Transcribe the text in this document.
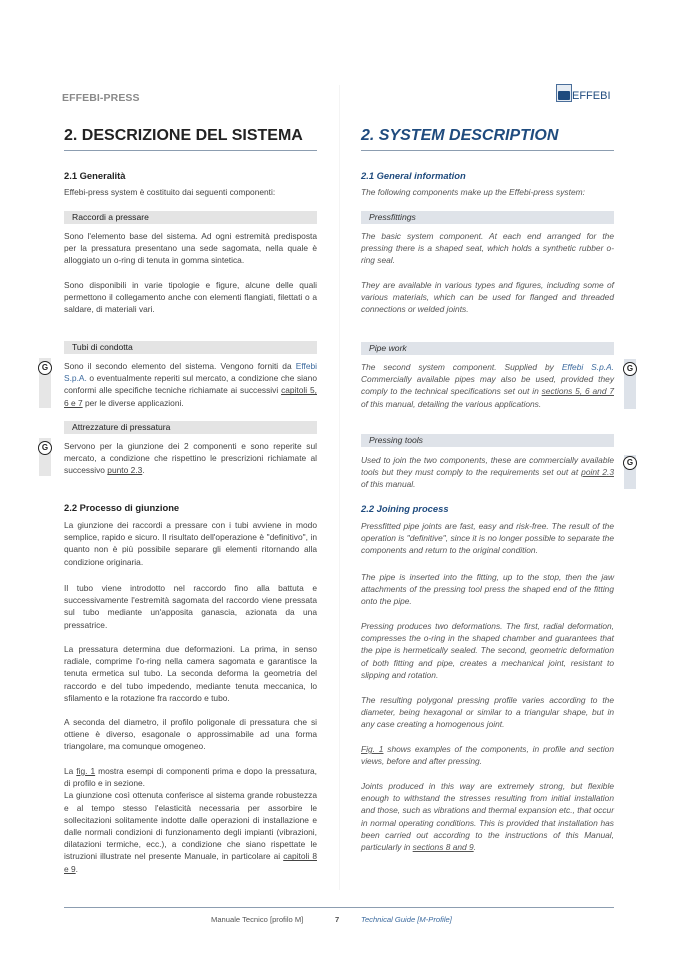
EFFEBI-PRESS	EFFEBI
2. DESCRIZIONE DEL SISTEMA
2.1 Generalità
Effebi-press system è costituito dai seguenti componenti:
Raccordi a pressare
Sono l'elemento base del sistema. Ad ogni estremità predisposta per la pressatura presentano una sede sagomata, nella quale è alloggiato un o-ring di tenuta in gomma sintetica.
Sono disponibili in varie tipologie e figure, alcune delle quali permettono il collegamento anche con elementi flangiati, filettati o a saldare, di materiali vari.
Tubi di condotta
Sono il secondo elemento del sistema. Vengono forniti da Effebi S.p.A. o eventualmente reperiti sul mercato, a condizione che siano conformi alle specifiche tecniche richiamate ai successivi capitoli 5, 6 e 7 per le diverse applicazioni.
Attrezzature di pressatura
Servono per la giunzione dei 2 componenti e sono reperite sul mercato, a condizione che rispettino le prescrizioni richiamate al successivo punto 2.3.
2.2 Processo di giunzione
La giunzione dei raccordi a pressare con i tubi avviene in modo semplice, rapido e sicuro. Il risultato dell'operazione è "definitivo", in quanto non è più possibile separare gli elementi ritornando alla condizione originaria.
Il tubo viene introdotto nel raccordo fino alla battuta e successivamente l'estremità sagomata del raccordo viene pressata sul tubo mediante un'apposita ganascia, azionata da una pressatrice.
La pressatura determina due deformazioni. La prima, in senso radiale, comprime l'o-ring nella camera sagomata e garantisce la tenuta ermetica sul tubo. La seconda deforma la geometria del raccordo e del tubo impedendo, mediante tenuta meccanica, lo sfilamento e la rotazione fra raccordo e tubo.
A seconda del diametro, il profilo poligonale di pressatura che si ottiene è diverso, esagonale o approssimabile ad una forma triangolare, ma comunque omogeneo.
La fig. 1 mostra esempi di componenti prima e dopo la pressatura, di profilo e in sezione.
La giunzione così ottenuta conferisce al sistema grande robustezza e al tempo stesso l'elasticità necessaria per assorbire le sollecitazioni solitamente indotte dalle operazioni di installazione e dalle normali condizioni di funzionamento degli impianti (vibrazioni, dilatazioni termiche, ecc.), a condizione che siano rispettate le istruzioni illustrate nel presente Manuale, in particolare ai capitoli 8 e 9.
G
G
2. SYSTEM DESCRIPTION
2.1 General information
The following components make up the Effebi-press system:
Pressfittings
The basic system component. At each end arranged for the pressing there is a shaped seat, which holds a synthetic rubber o-ring seal.
They are available in various types and figures, including some of various materials, which can be used for flanged and threaded connections or welded joints.
Pipe work
The second system component. Supplied by Effebi S.p.A. Commercially available pipes may also be used, provided they comply to the technical specifications set out in sections 5, 6 and 7 of this manual, detailing the various applications.
Pressing tools
Used to join the two components, these are commercially available tools but they must comply to the requirements set out at point 2.3 of this manual.
2.2 Joining process
Pressfitted pipe joints are fast, easy and risk-free. The result of the operation is "definitive", since it is no longer possible to separate the components and return to the original condition.
The pipe is inserted into the fitting, up to the stop, then the jaw attachments of the pressing tool press the shaped end of the fitting onto the pipe.
Pressing produces two deformations. The first, radial deformation, compresses the o-ring in the shaped chamber and guarantees that the pipe is hermetically sealed. The second, geometric deformation of both fitting and pipe, creates a mechanical joint, resistant to slipping and rotation.
The resulting polygonal pressing profile varies according to the diameter, being hexagonal or similar to a triangular shape, but in any case creating a homogenous joint.
Fig. 1 shows examples of the components, in profile and section views, before and after pressing.
Joints produced in this way are extremely strong, but flexible enough to withstand the stresses resulting from initial installation and those, such as vibrations and thermal expansion etc., that occur in normal operating conditions. This is provided that installation has been carried out according to the instructions of this Manual, particularly in sections 8 and 9.
G
G
Manuale Tecnico [profilo M]	7	Technical Guide [M-Profile]
